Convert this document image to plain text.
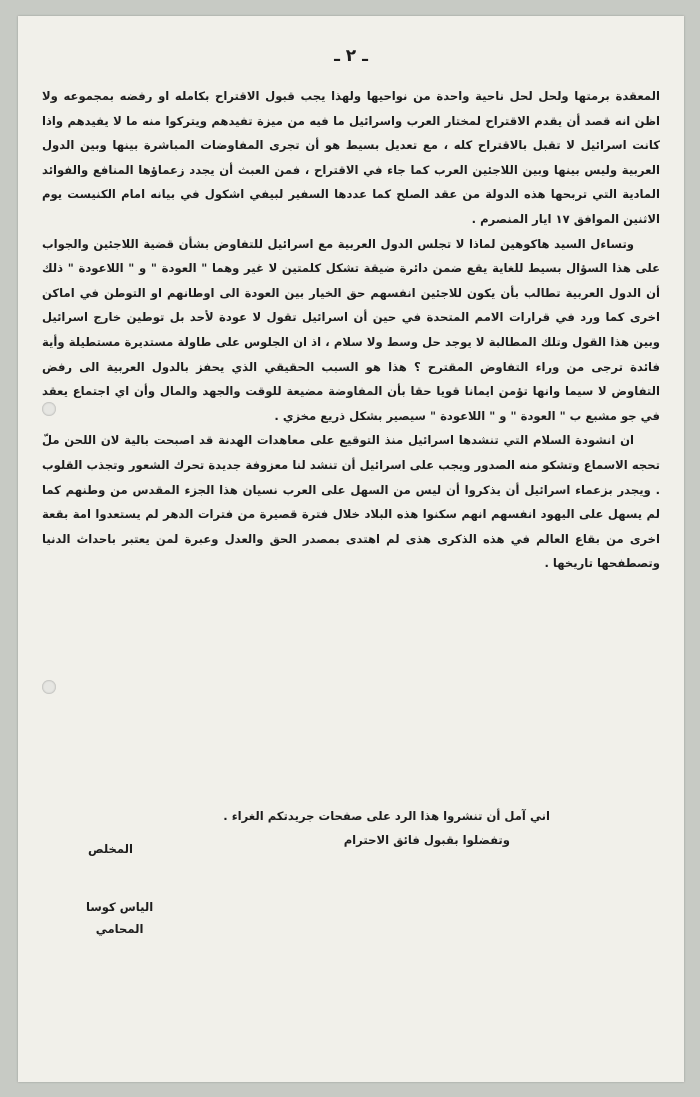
ـ ٢ ـ

المعقدة برمتها ولحل لحل ناحية واحدة من نواحيها ولهذا يجب قبول الاقتراح بكامله او رفضه بمجموعه ولا اظن انه قصد أن يقدم الاقتراح لمختار العرب واسرائيل ما فيه من ميزة تفيدهم ويتركوا منه ما لا يفيدهم واذا كانت اسرائيل لا تقبل بالاقتراح كله ، مع تعديل بسيط هو أن تجرى المفاوضات المباشرة بينها وبين الدول العربية وليس بينها وبين اللاجئين العرب كما جاء في الاقتراح ، فمن العبث أن يجدد زعماؤها المنافع والفوائد المادية التي تربحها هذه الدولة من عقد الصلح كما عددها السفير لبيفي اشكول في بيانه امام الكنيست يوم الاثنين الموافق ١٧ ايار المنصرم .

وتساءل السيد هاكوهين لماذا لا تجلس الدول العربية مع اسرائيل للتفاوض بشأن قضية اللاجئين والجواب على هذا السؤال بسيط للغاية يقع ضمن دائرة ضيقة تشكل كلمتين لا غير وهما " العودة " و " اللاعودة " ذلك أن الدول العربية تطالب بأن يكون للاجئين انفسهم حق الخيار بين العودة الى اوطانهم او التوطن في اماكن اخرى كما ورد في قرارات الامم المتحدة في حين أن اسرائيل تقول لا عودة لأحد بل توطين خارج اسرائيل وبين هذا القول وتلك المطالبة لا يوجد حل وسط ولا سلام ، اذ ان الجلوس على طاولة مستديرة مستطيلة وأية فائدة ترجى من وراء التفاوض المقترح ؟ هذا هو السبب الحقيقي الذي يحفز بالدول العربية الى رفض التفاوض لا سيما وانها تؤمن ايمانا قويا حقا بأن المفاوضة مضيعة للوقت والجهد والمال وأن اي اجتماع يعقد في جو مشبع ب " العودة " و " اللاعودة " سيصير بشكل ذريع مخزي .

ان انشودة السلام التي تنشدها اسرائيل منذ التوقيع على معاهدات الهدنة قد اصبحت بالية لان اللحن ملّ تحجه الاسماع وتشكو منه الصدور ويجب على اسرائيل أن تنشد لنا معزوفة جديدة تحرك الشعور وتجذب القلوب . ويجدر بزعماء اسرائيل أن يذكروا أن ليس من السهل على العرب نسيان هذا الجزء المقدس من وطنهم كما لم يسهل على اليهود انفسهم انهم سكنوا هذه البلاد خلال فترة قصيرة من فترات الدهر لم يستعدوا امة بقعة اخرى من بقاع العالم في هذه الذكرى هذى لم اهتدى بمصدر الحق والعدل وعبرة لمن يعتبر باحداث الدنيا وتصطفحها تاريخها .

اني آمل أن تنشروا هذا الرد على صفحات جريدتكم الغراء .
وتفضلوا بقبول فائق الاحترام
المخلص
الياس كوسا
المحامي
